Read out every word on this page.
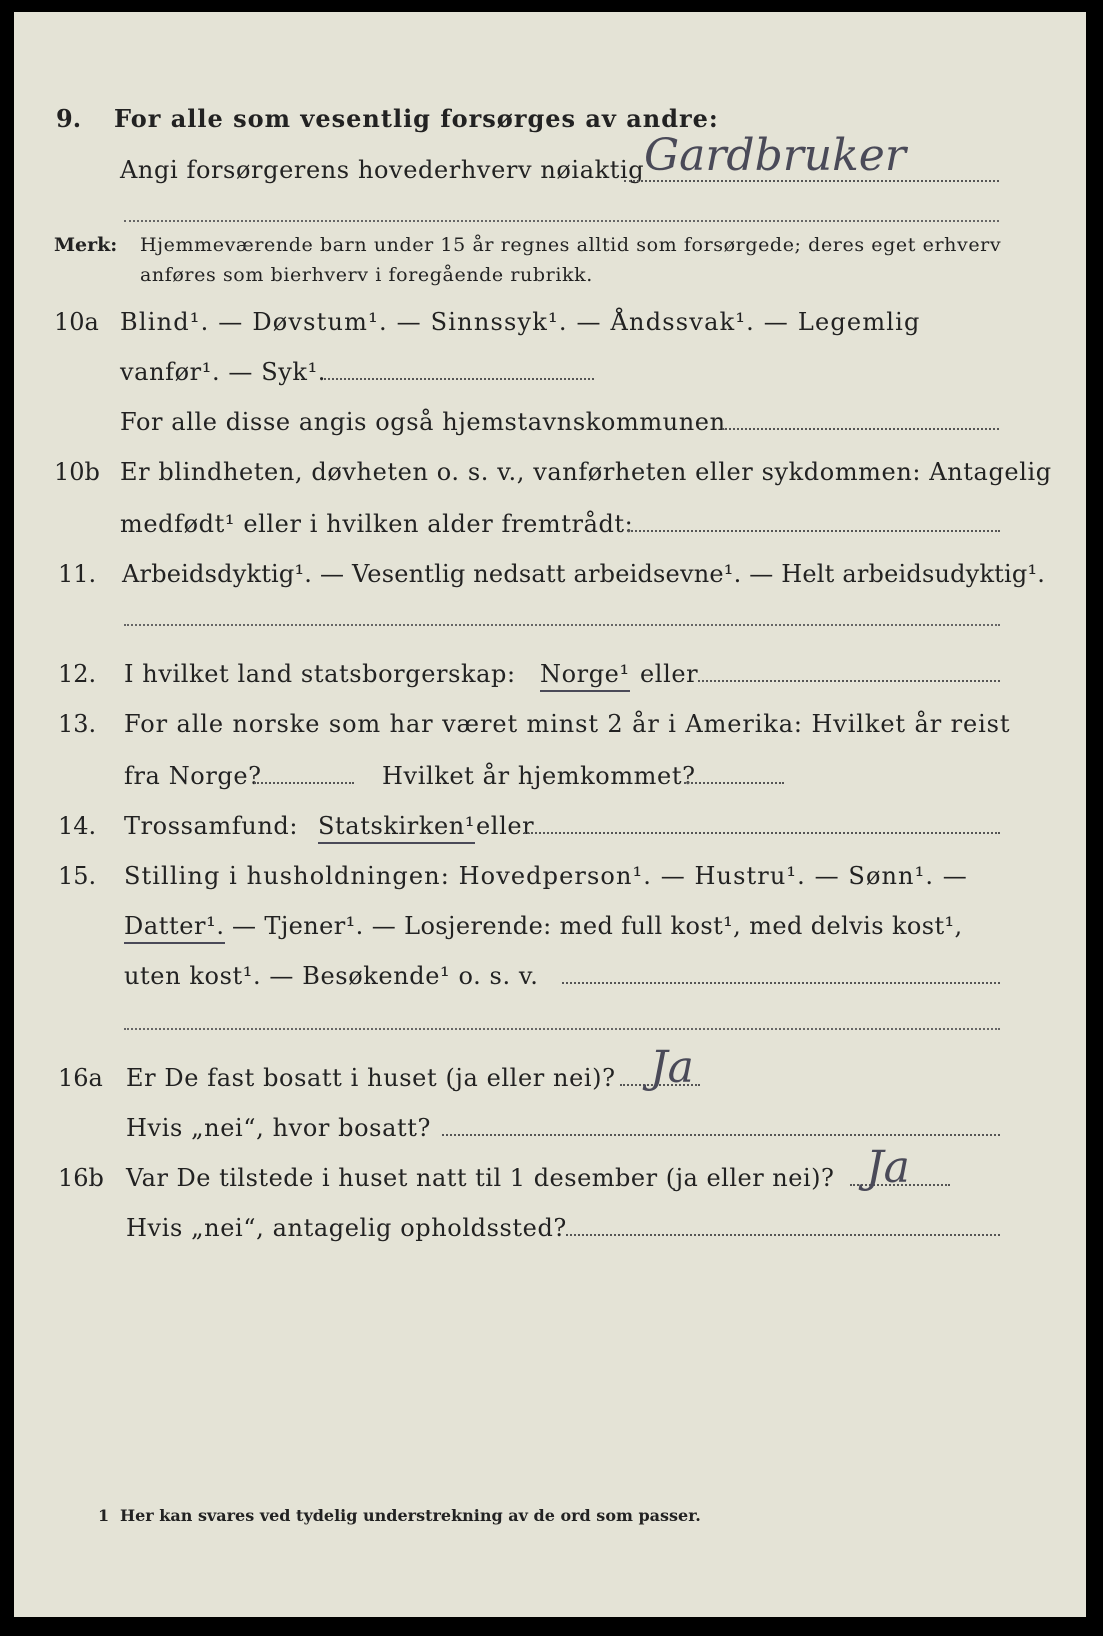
9. For alle som vesentlig forsørges av andre:
Angi forsørgerens hovederhverv nøiaktig Gardbruker
Merk: Hjemmeværende barn under 15 år regnes alltid som forsørgede; deres eget erhverv
anføres som bierhverv i foregående rubrikk.
10a Blind¹. — Døvstum¹. — Sinnssyk¹. — Åndssvak¹. — Legemlig
vanfør¹. — Syk¹.
For alle disse angis også hjemstavnskommunen
10b Er blindheten, døvheten o. s. v., vanførheten eller sykdommen: Antagelig
medfødt¹ eller i hvilken alder fremtrådt:
11. Arbeidsdyktig¹. — Vesentlig nedsatt arbeidsevne¹. — Helt arbeidsudyktig¹.
12. I hvilket land statsborgerskap: Norge¹ eller
13. For alle norske som har været minst 2 år i Amerika: Hvilket år reist
fra Norge?	Hvilket år hjemkommet?
14. Trossamfund: Statskirken¹ eller
15. Stilling i husholdningen: Hovedperson¹. — Hustru¹. — Sønn¹. —
Datter¹. — Tjener¹. — Losjerende: med full kost¹, med delvis kost¹,
uten kost¹. — Besøkende¹ o. s. v.
16a Er De fast bosatt i huset (ja eller nei)? Ja
Hvis „nei“, hvor bosatt?
16b Var De tilstede i huset natt til 1 desember (ja eller nei)? Ja
Hvis „nei“, antagelig opholdssted?
1 Her kan svares ved tydelig understrekning av de ord som passer.
